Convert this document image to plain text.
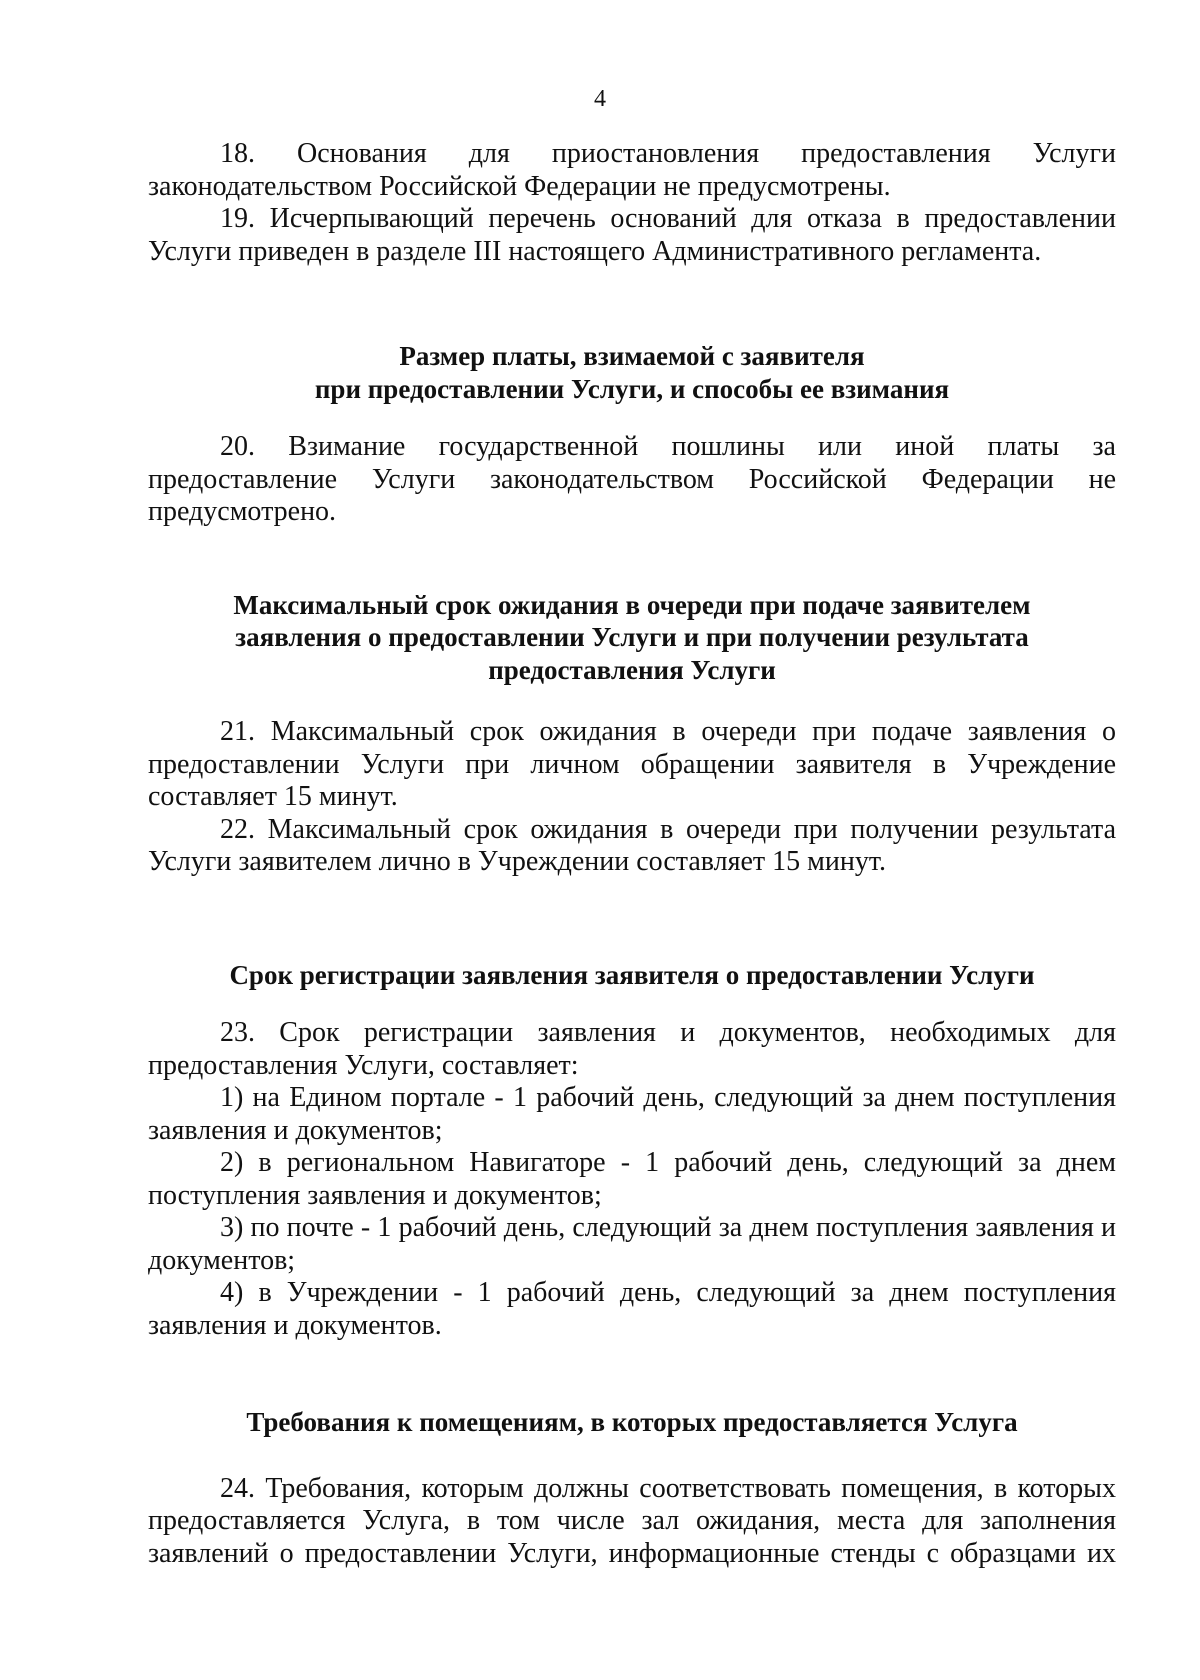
4

18. Основания для приостановления предоставления Услуги законодательством Российской Федерации не предусмотрены.

19. Исчерпывающий перечень оснований для отказа в предоставлении Услуги приведен в разделе III настоящего Административного регламента.

Размер платы, взимаемой с заявителя
при предоставлении Услуги, и способы ее взимания

20. Взимание государственной пошлины или иной платы за предоставление Услуги законодательством Российской Федерации не предусмотрено.

Максимальный срок ожидания в очереди при подаче заявителем
заявления о предоставлении Услуги и при получении результата
предоставления Услуги

21. Максимальный срок ожидания в очереди при подаче заявления о предоставлении Услуги при личном обращении заявителя в Учреждение составляет 15 минут.

22. Максимальный срок ожидания в очереди при получении результата Услуги заявителем лично в Учреждении составляет 15 минут.

Срок регистрации заявления заявителя о предоставлении Услуги

23. Срок регистрации заявления и документов, необходимых для предоставления Услуги, составляет:

1) на Едином портале - 1 рабочий день, следующий за днем поступления заявления и документов;

2) в региональном Навигаторе - 1 рабочий день, следующий за днем поступления заявления и документов;

3) по почте - 1 рабочий день, следующий за днем поступления заявления и документов;

4) в Учреждении - 1 рабочий день, следующий за днем поступления заявления и документов.

Требования к помещениям, в которых предоставляется Услуга

24. Требования, которым должны соответствовать помещения, в которых предоставляется Услуга, в том числе зал ожидания, места для заполнения заявлений о предоставлении Услуги, информационные стенды с образцами их
